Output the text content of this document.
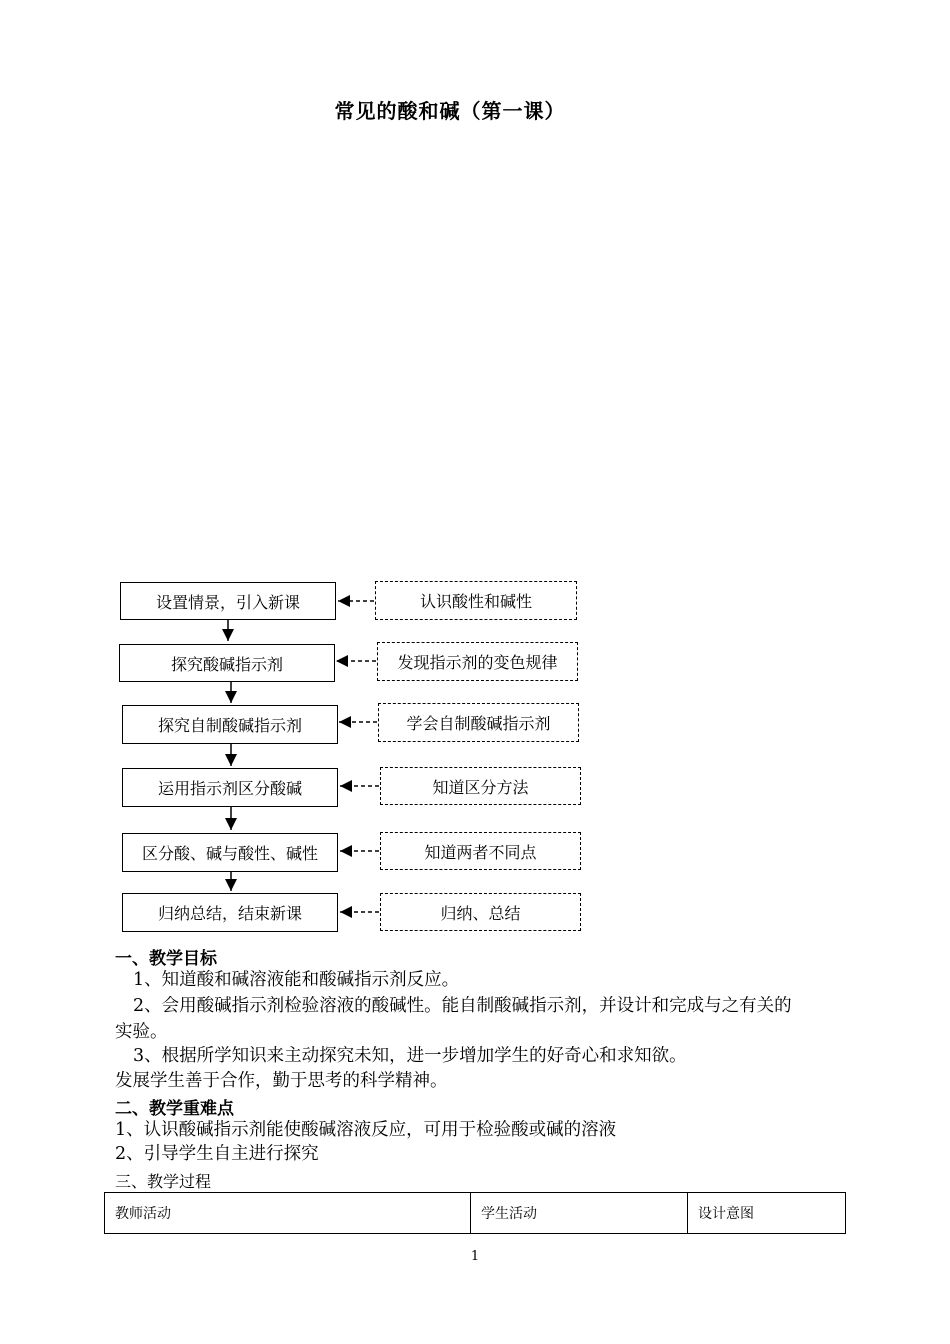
常见的酸和碱（第一课）
设置情景，引入新课
探究酸碱指示剂
探究自制酸碱指示剂
运用指示剂区分酸碱
区分酸、碱与酸性、碱性
归纳总结，结束新课
认识酸性和碱性
发现指示剂的变色规律
学会自制酸碱指示剂
知道区分方法
知道两者不同点
归纳、总结
一、教学目标
1、知道酸和碱溶液能和酸碱指示剂反应。
2、会用酸碱指示剂检验溶液的酸碱性。能自制酸碱指示剂，并设计和完成与之有关的
实验。
3、根据所学知识来主动探究未知，进一步增加学生的好奇心和求知欲。
发展学生善于合作，勤于思考的科学精神。
二、教学重难点
1、认识酸碱指示剂能使酸碱溶液反应，可用于检验酸或碱的溶液
2、引导学生自主进行探究
三、教学过程
教师活动	学生活动	设计意图
1
